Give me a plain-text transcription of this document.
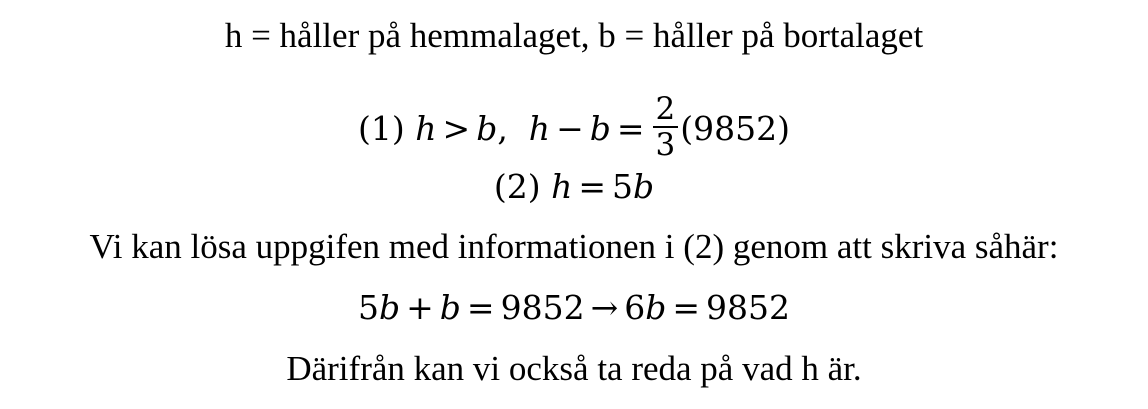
h = håller på hemmalaget, b = håller på bortalaget
(1) h > b, $h - b = \frac{2}{3} (9852)$
(2) h = 5b
Vi kan lösa uppgifen med informationen i (2) genom att skriva såhär:
5b + b = 9852 → 6b = 9852
Därifrån kan vi också ta reda på vad h är.
